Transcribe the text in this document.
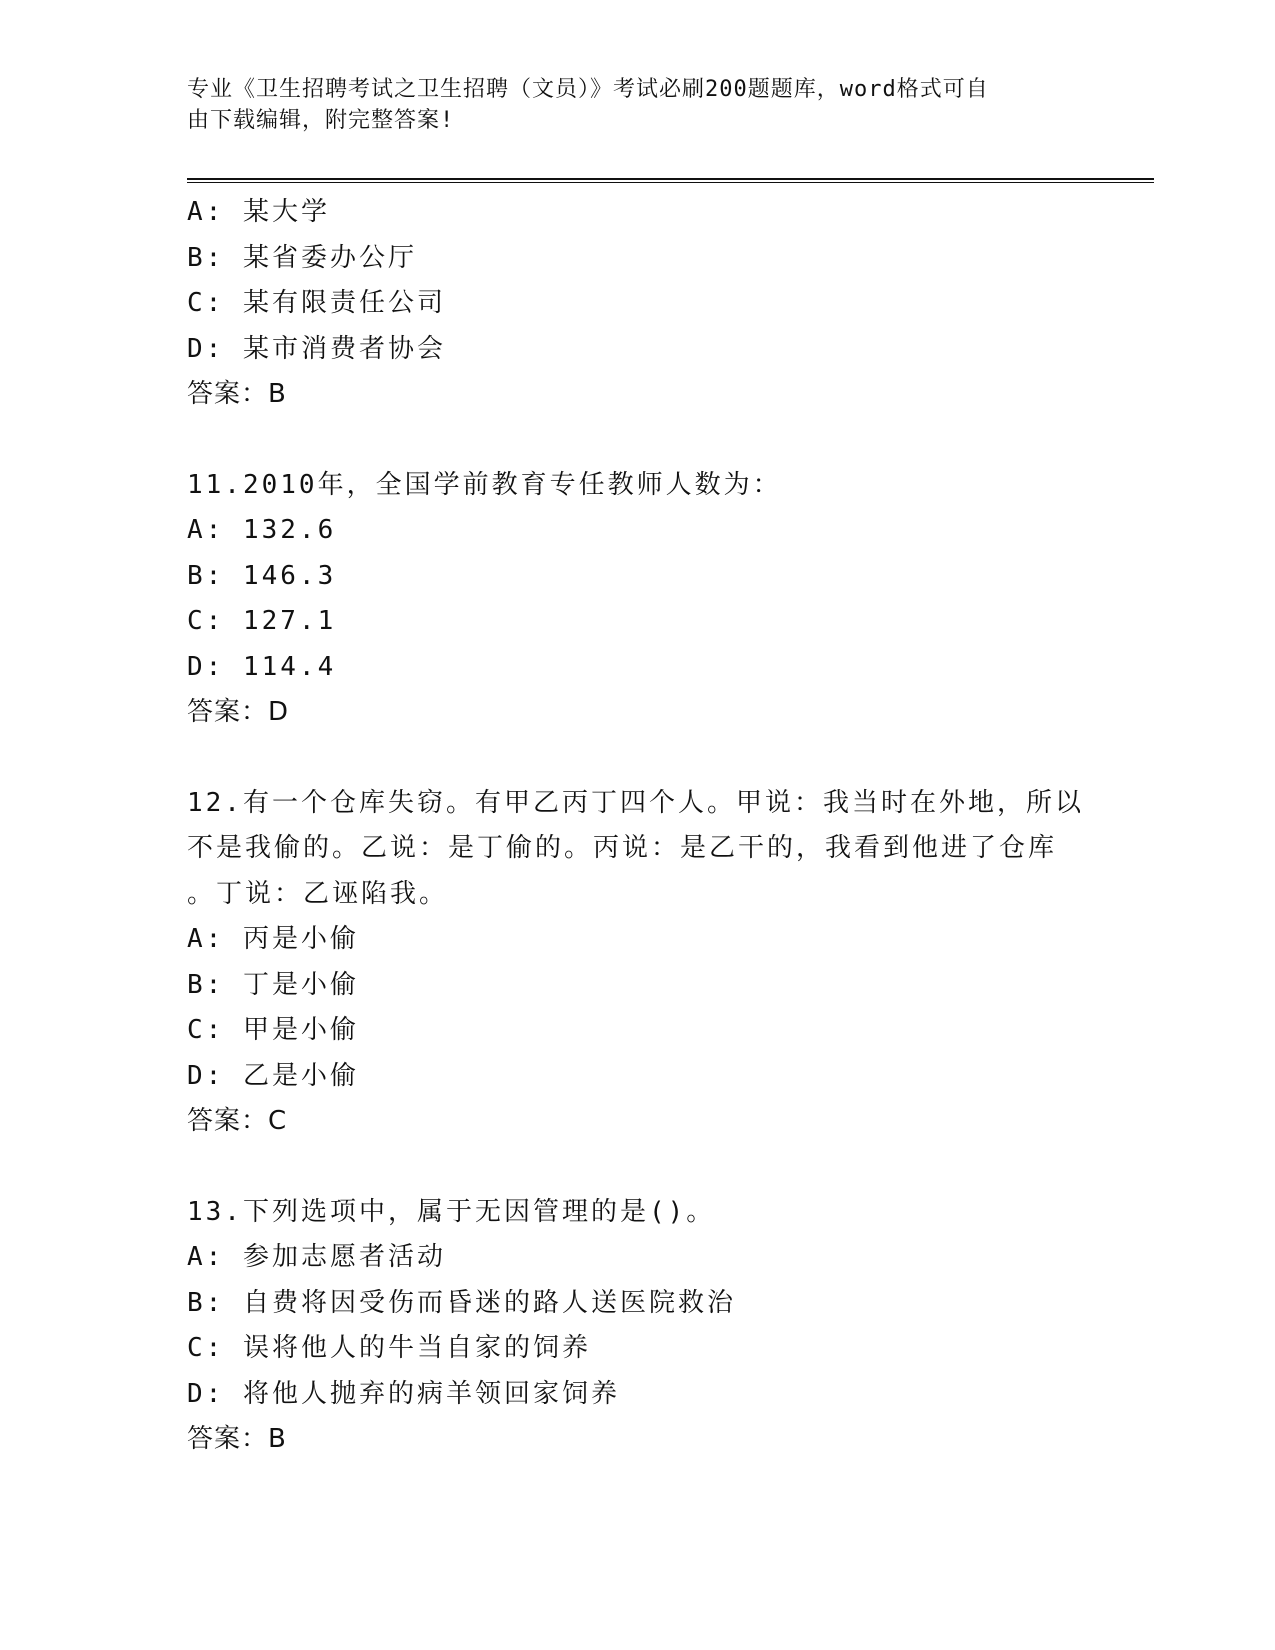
专业《卫生招聘考试之卫生招聘（文员）》考试必刷200题题库，word格式可自
由下载编辑，附完整答案!
A: 某大学
B: 某省委办公厅
C: 某有限责任公司
D: 某市消费者协会
答案：B
11.2010年，全国学前教育专任教师人数为：
A: 132.6
B: 146.3
C: 127.1
D: 114.4
答案：D
12.有一个仓库失窃。有甲乙丙丁四个人。甲说：我当时在外地，所以
不是我偷的。乙说：是丁偷的。丙说：是乙干的，我看到他进了仓库
。丁说：乙诬陷我。
A: 丙是小偷
B: 丁是小偷
C: 甲是小偷
D: 乙是小偷
答案：C
13.下列选项中，属于无因管理的是()。
A: 参加志愿者活动
B: 自费将因受伤而昏迷的路人送医院救治
C: 误将他人的牛当自家的饲养
D: 将他人抛弃的病羊领回家饲养
答案：B
